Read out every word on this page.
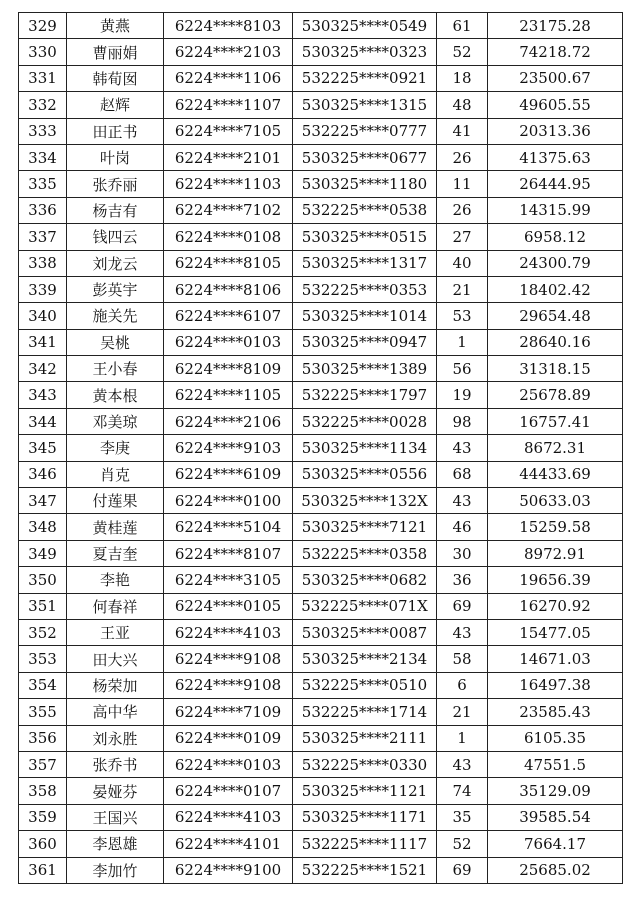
329	黄燕	6224****8103	530325****0549	61	23175.28
330	曹丽娟	6224****2103	530325****0323	52	74218.72
331	韩荀囡	6224****1106	532225****0921	18	23500.67
332	赵辉	6224****1107	530325****1315	48	49605.55
333	田正书	6224****7105	532225****0777	41	20313.36
334	叶岗	6224****2101	530325****0677	26	41375.63
335	张乔丽	6224****1103	530325****1180	11	26444.95
336	杨吉有	6224****7102	532225****0538	26	14315.99
337	钱四云	6224****0108	530325****0515	27	6958.12
338	刘龙云	6224****8105	530325****1317	40	24300.79
339	彭英宇	6224****8106	532225****0353	21	18402.42
340	施关先	6224****6107	530325****1014	53	29654.48
341	吴桃	6224****0103	530325****0947	1	28640.16
342	王小春	6224****8109	530325****1389	56	31318.15
343	黄本根	6224****1105	532225****1797	19	25678.89
344	邓美琼	6224****2106	532225****0028	98	16757.41
345	李庚	6224****9103	530325****1134	43	8672.31
346	肖克	6224****6109	530325****0556	68	44433.69
347	付莲果	6224****0100	530325****132X	43	50633.03
348	黄桂莲	6224****5104	530325****7121	46	15259.58
349	夏吉奎	6224****8107	532225****0358	30	8972.91
350	李艳	6224****3105	530325****0682	36	19656.39
351	何春祥	6224****0105	532225****071X	69	16270.92
352	王亚	6224****4103	530325****0087	43	15477.05
353	田大兴	6224****9108	530325****2134	58	14671.03
354	杨荣加	6224****9108	532225****0510	6	16497.38
355	高中华	6224****7109	532225****1714	21	23585.43
356	刘永胜	6224****0109	530325****2111	1	6105.35
357	张乔书	6224****0103	532225****0330	43	47551.5
358	晏娅芬	6224****0107	530325****1121	74	35129.09
359	王国兴	6224****4103	530325****1171	35	39585.54
360	李恩雄	6224****4101	532225****1117	52	7664.17
361	李加竹	6224****9100	532225****1521	69	25685.02
